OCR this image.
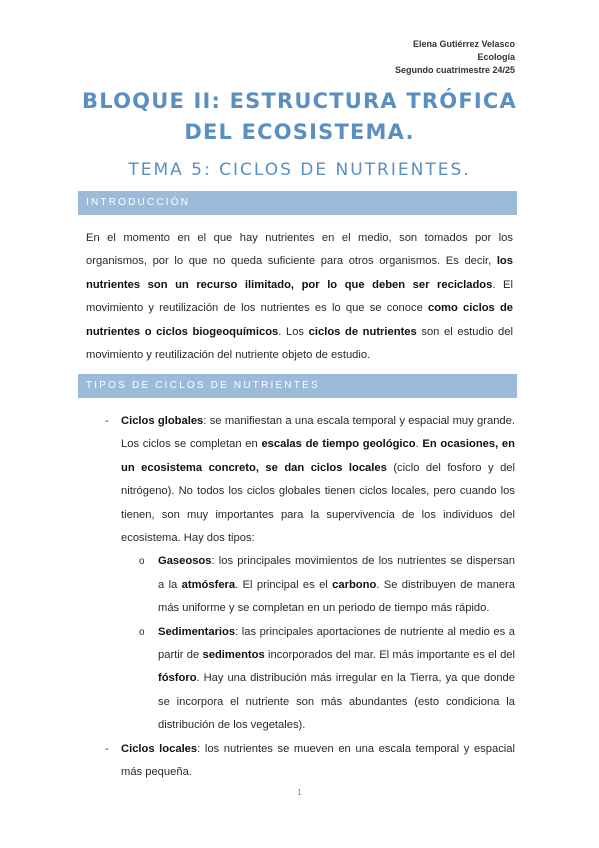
Elena Gutiérrez Velasco
Ecología
Segundo cuatrimestre 24/25
BLOQUE II: ESTRUCTURA TRÓFICA DEL ECOSISTEMA.
TEMA 5: CICLOS DE NUTRIENTES.
INTRODUCCIÓN
En el momento en el que hay nutrientes en el medio, son tomados por los organismos, por lo que no queda suficiente para otros organismos. Es decir, los nutrientes son un recurso ilimitado, por lo que deben ser reciclados. El movimiento y reutilización de los nutrientes es lo que se conoce como ciclos de nutrientes o ciclos biogeoquímicos. Los ciclos de nutrientes son el estudio del movimiento y reutilización del nutriente objeto de estudio.
TIPOS DE CICLOS DE NUTRIENTES
- Ciclos globales: se manifiestan a una escala temporal y espacial muy grande. Los ciclos se completan en escalas de tiempo geológico. En ocasiones, en un ecosistema concreto, se dan ciclos locales (ciclo del fosforo y del nitrógeno). No todos los ciclos globales tienen ciclos locales, pero cuando los tienen, son muy importantes para la supervivencia de los individuos del ecosistema. Hay dos tipos:
o Gaseosos: los principales movimientos de los nutrientes se dispersan a la atmósfera. El principal es el carbono. Se distribuyen de manera más uniforme y se completan en un periodo de tiempo más rápido.
o Sedimentarios: las principales aportaciones de nutriente al medio es a partir de sedimentos incorporados del mar. El más importante es el del fósforo. Hay una distribución más irregular en la Tierra, ya que donde se incorpora el nutriente son más abundantes (esto condiciona la distribución de los vegetales).
- Ciclos locales: los nutrientes se mueven en una escala temporal y espacial más pequeña.
1
